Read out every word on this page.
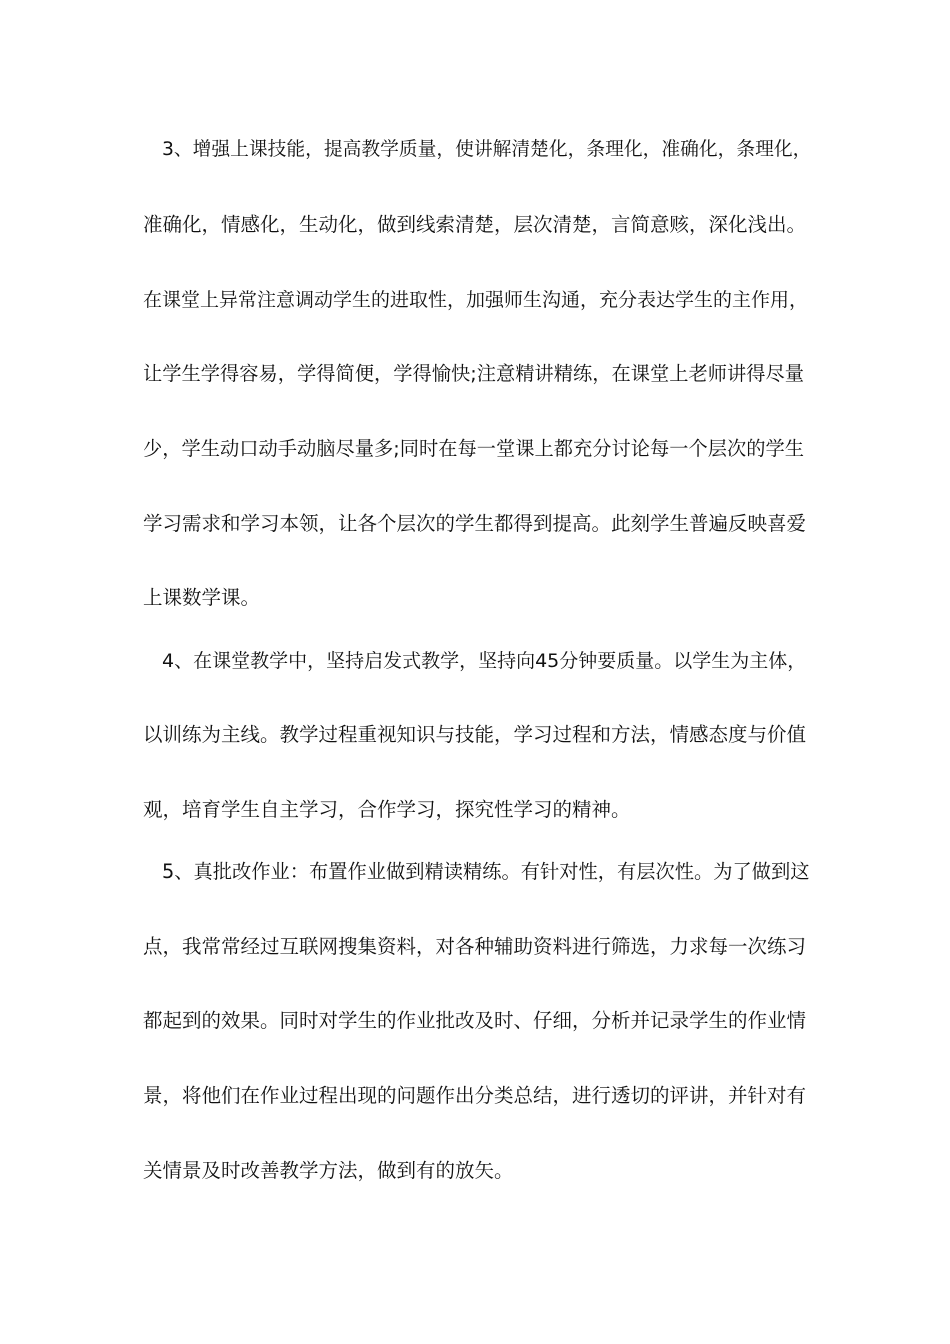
3、增强上课技能，提高教学质量，使讲解清楚化，条理化，准确化，条理化，
准确化，情感化，生动化，做到线索清楚，层次清楚，言简意赅，深化浅出。
在课堂上异常注意调动学生的进取性，加强师生沟通，充分表达学生的主作用，
让学生学得容易，学得简便，学得愉快;注意精讲精练，在课堂上老师讲得尽量
少，学生动口动手动脑尽量多;同时在每一堂课上都充分讨论每一个层次的学生
学习需求和学习本领，让各个层次的学生都得到提高。此刻学生普遍反映喜爱
上课数学课。
4、在课堂教学中，坚持启发式教学，坚持向45分钟要质量。以学生为主体，
以训练为主线。教学过程重视知识与技能，学习过程和方法，情感态度与价值
观，培育学生自主学习，合作学习，探究性学习的精神。
5、真批改作业：布置作业做到精读精练。有针对性，有层次性。为了做到这
点，我常常经过互联网搜集资料，对各种辅助资料进行筛选，力求每一次练习
都起到的效果。同时对学生的作业批改及时、仔细，分析并记录学生的作业情
景，将他们在作业过程出现的问题作出分类总结，进行透切的评讲，并针对有
关情景及时改善教学方法，做到有的放矢。
